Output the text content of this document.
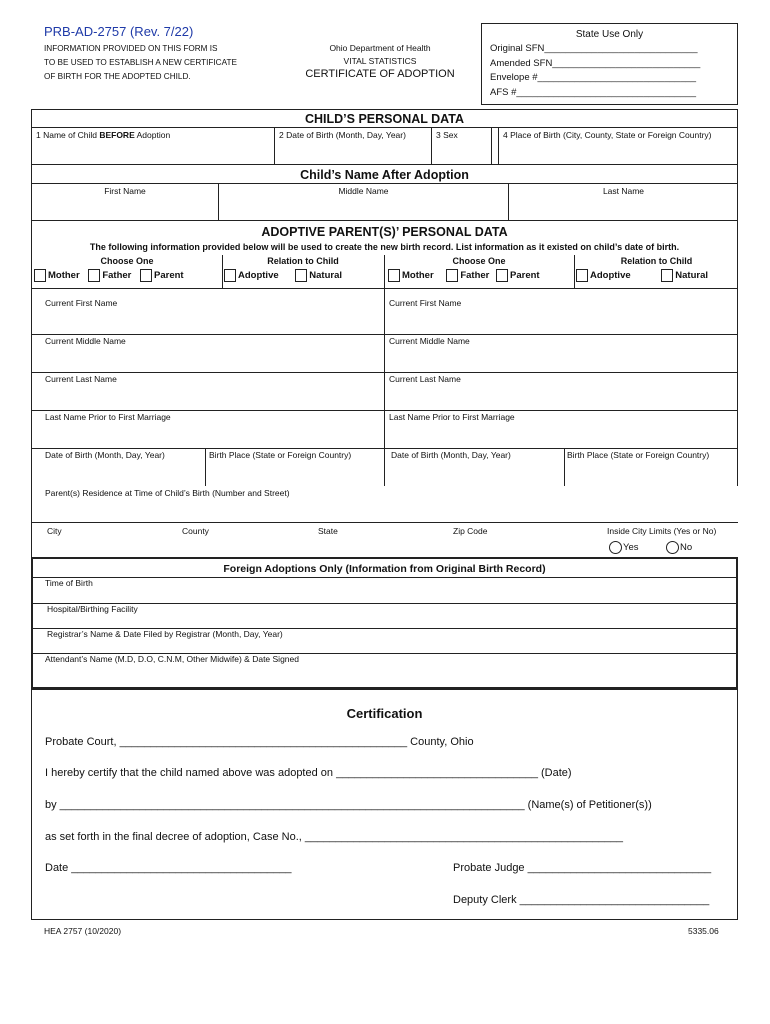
PRB-AD-2757 (Rev. 7/22)
INFORMATION PROVIDED ON THIS FORM IS
TO BE USED TO ESTABLISH A NEW CERTIFICATE
OF BIRTH FOR THE ADOPTED CHILD.
Ohio Department of Health
VITAL STATISTICS
CERTIFICATE OF ADOPTION
State Use Only
Original SFN_____________________________
Amended SFN____________________________
Envelope #______________________________
AFS #__________________________________
CHILD’S PERSONAL DATA
1 Name of Child BEFORE Adoption	2 Date of Birth (Month, Day, Year)	3 Sex	4 Place of Birth (City, County, State or Foreign Country)
Child’s Name After Adoption
First Name	Middle Name	Last Name
ADOPTIVE PARENT(S)’ PERSONAL DATA
The following information provided below will be used to create the new birth record. List information as it existed on child’s date of birth.
Choose One	Relation to Child	Choose One	Relation to Child
Mother Father Parent	Adoptive	Natural	Mother	Father Parent	Adoptive	Natural
Current First Name	Current First Name
Current Middle Name	Current Middle Name
Current Last Name	Current Last Name
Last Name Prior to First Marriage	Last Name Prior to First Marriage
Date of Birth (Month, Day, Year)	Birth Place (State or Foreign Country)	Date of Birth (Month, Day, Year)	Birth Place (State or Foreign Country)
Parent(s) Residence at Time of Child’s Birth (Number and Street)
City	County	State	Zip Code	Inside City Limits (Yes or No)
Yes	No
Foreign Adoptions Only (Information from Original Birth Record)
Time of Birth
Hospital/Birthing Facility
Registrar’s Name & Date Filed by Registrar (Month, Day, Year)
Attendant’s Name (M.D, D.O, C.N.M, Other Midwife) & Date Signed
Certification
Probate Court, _______________________________________________ County, Ohio
I hereby certify that the child named above was adopted on _________________________________ (Date)
by ____________________________________________________________________________ (Name(s) of Petitioner(s))
as set forth in the final decree of adoption, Case No., ____________________________________________________
Date ____________________________________	Probate Judge ______________________________
Deputy Clerk _______________________________
HEA 2757 (10/2020)	5335.06
